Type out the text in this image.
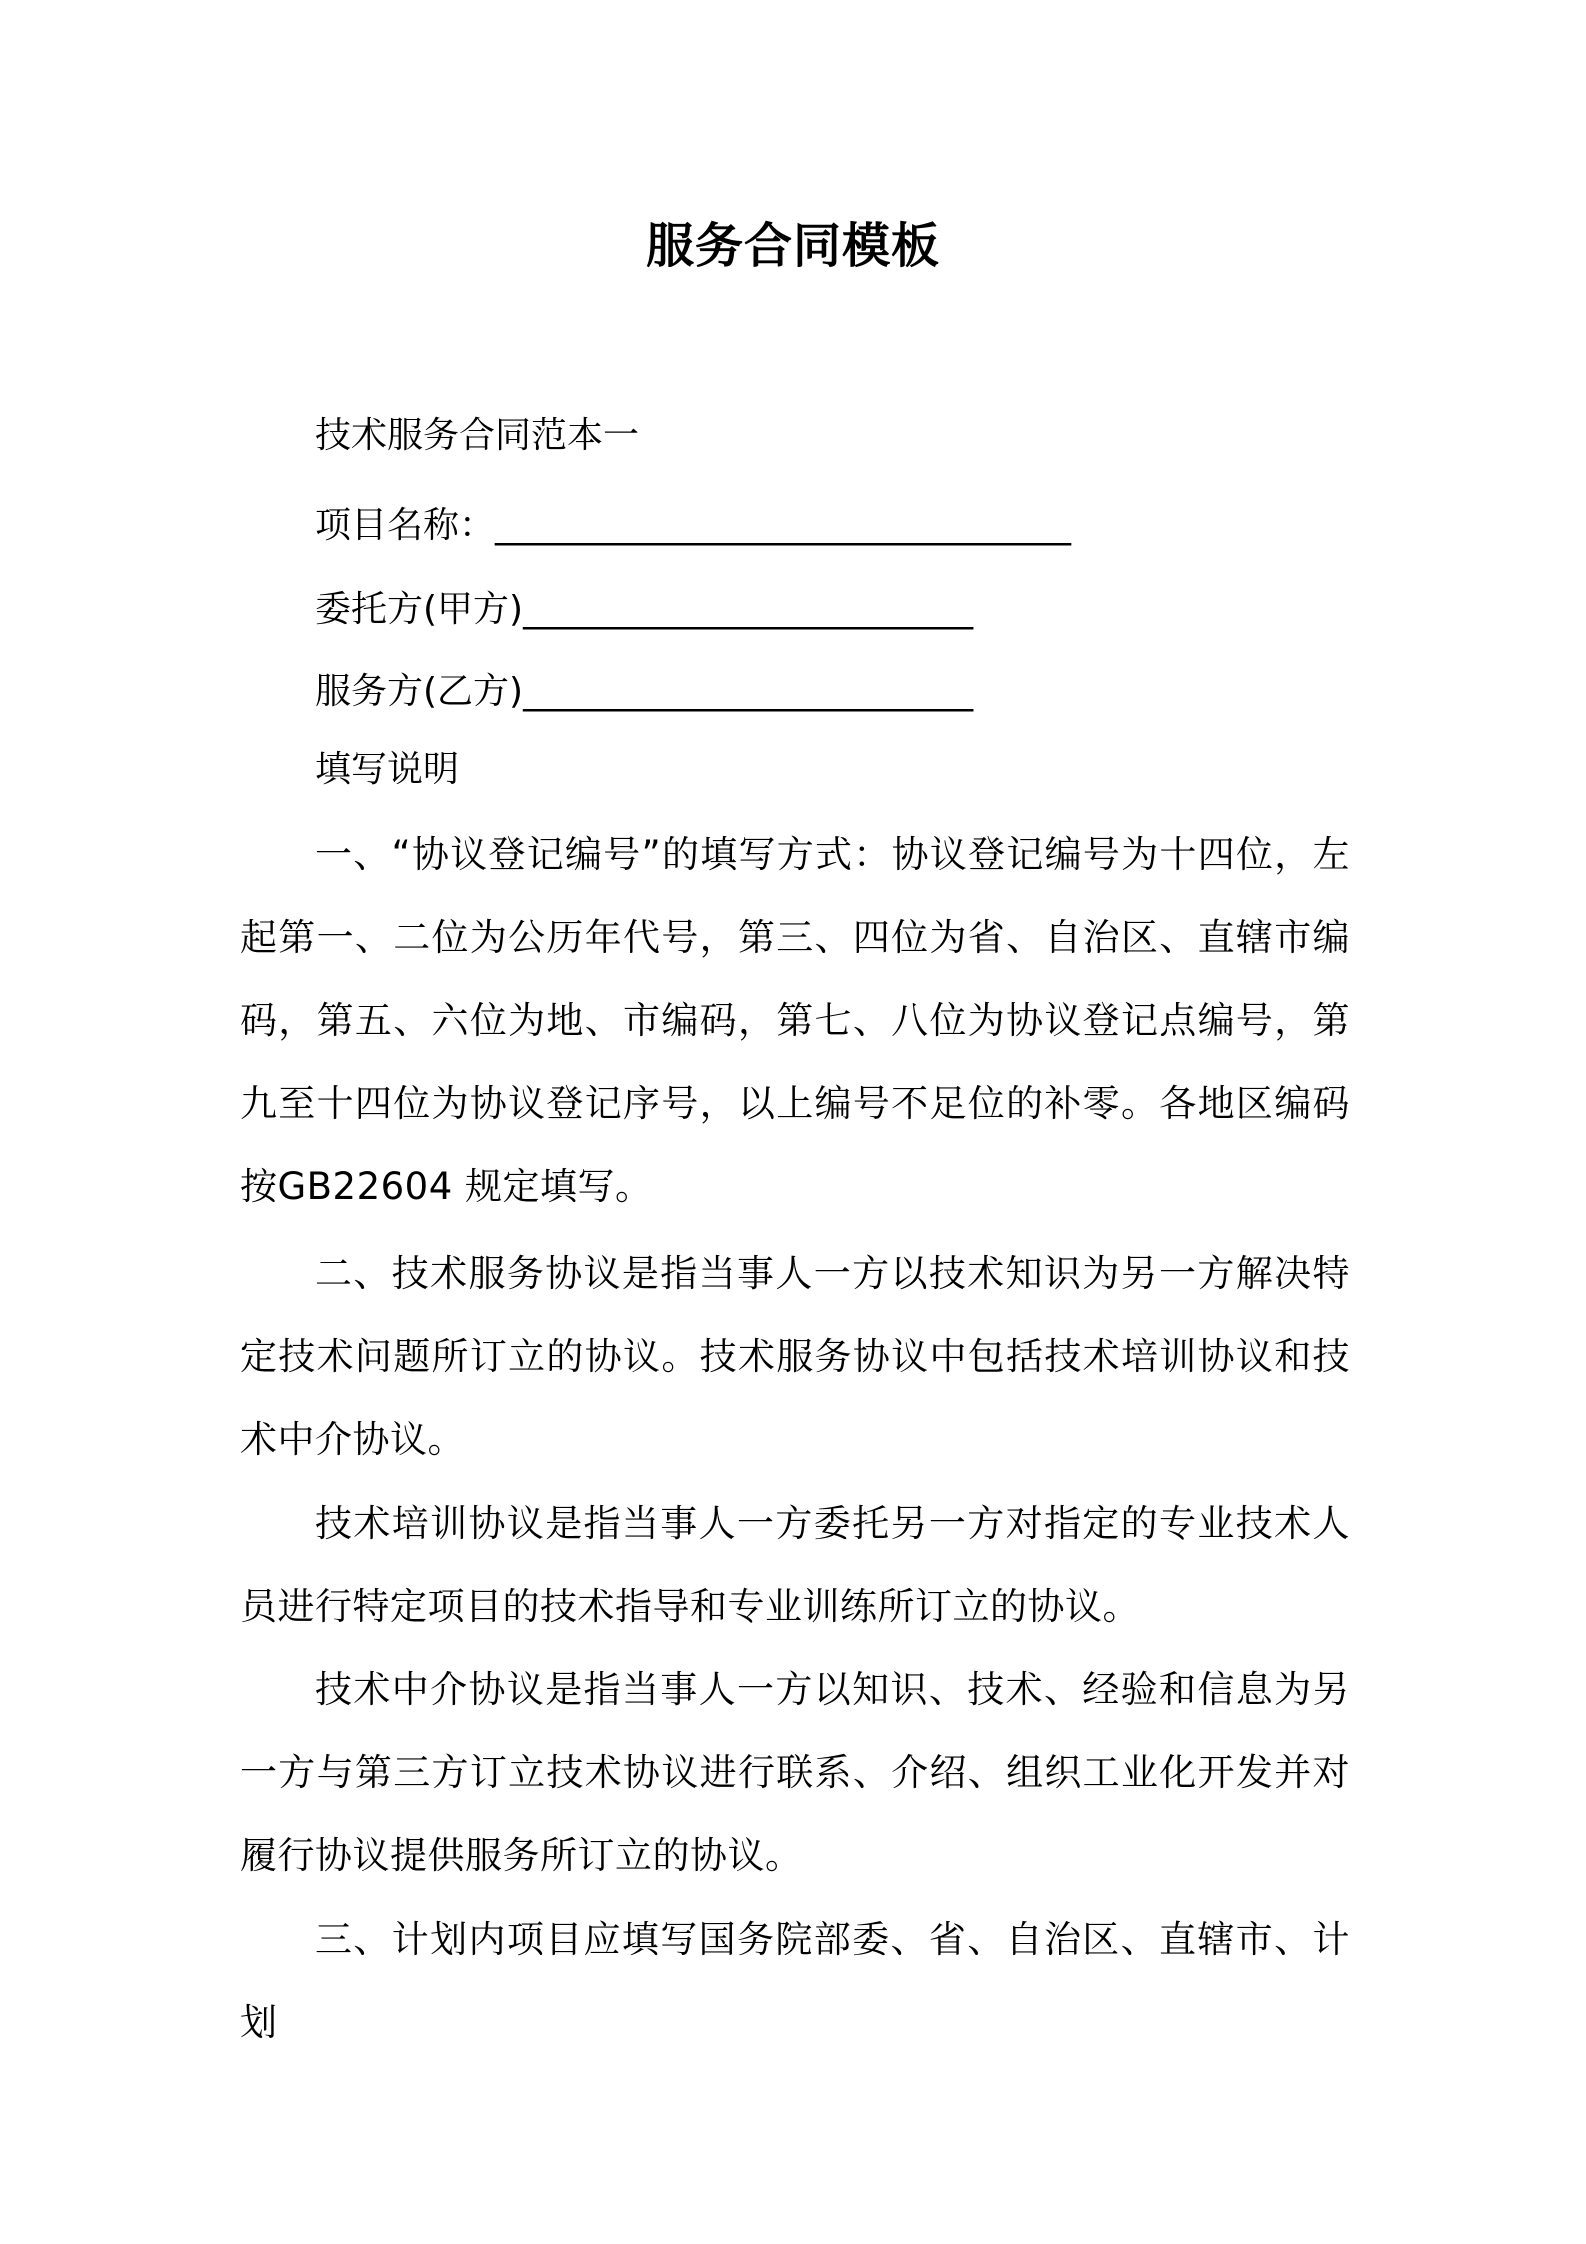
服务合同模板
技术服务合同范本一
项目名称：________________________________
委托方(甲方)_________________________
服务方(乙方)_________________________
填写说明
一、“协议登记编号”的填写方式：协议登记编号为十四位，左起第一、二位为公历年代号，第三、四位为省、自治区、直辖市编码，第五、六位为地、市编码，第七、八位为协议登记点编号，第九至十四位为协议登记序号，以上编号不足位的补零。各地区编码按GB22604 规定填写。
二、技术服务协议是指当事人一方以技术知识为另一方解决特定技术问题所订立的协议。技术服务协议中包括技术培训协议和技术中介协议。
技术培训协议是指当事人一方委托另一方对指定的专业技术人员进行特定项目的技术指导和专业训练所订立的协议。
技术中介协议是指当事人一方以知识、技术、经验和信息为另一方与第三方订立技术协议进行联系、介绍、组织工业化开发并对履行协议提供服务所订立的协议。
三、计划内项目应填写国务院部委、省、自治区、直辖市、计划
